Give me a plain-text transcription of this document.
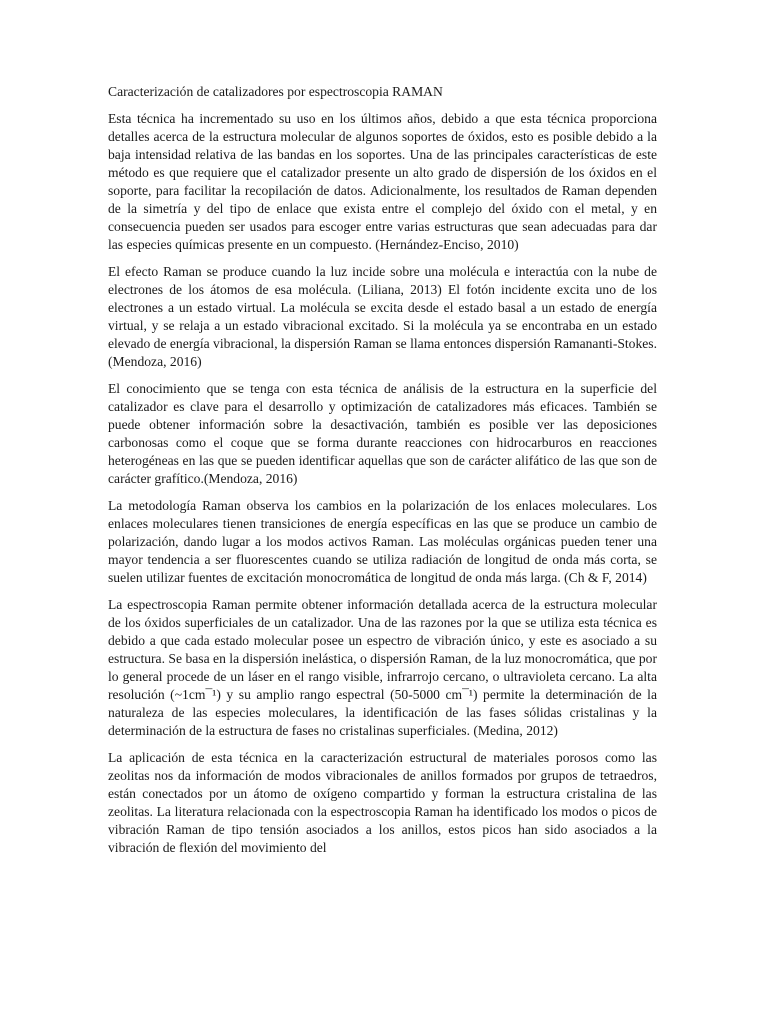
Caracterización de catalizadores por espectroscopia RAMAN

Esta técnica ha incrementado su uso en los últimos años, debido a que esta técnica proporciona detalles acerca de la estructura molecular de algunos soportes de óxidos, esto es posible debido a la baja intensidad relativa de las bandas en los soportes. Una de las principales características de este método es que requiere que el catalizador presente un alto grado de dispersión de los óxidos en el soporte, para facilitar la recopilación de datos. Adicionalmente, los resultados de Raman dependen de la simetría y del tipo de enlace que exista entre el complejo del óxido con el metal, y en consecuencia pueden ser usados para escoger entre varias estructuras que sean adecuadas para dar las especies químicas presente en un compuesto. (Hernández-Enciso, 2010)

El efecto Raman se produce cuando la luz incide sobre una molécula e interactúa con la nube de electrones de los átomos de esa molécula. (Liliana, 2013) El fotón incidente excita uno de los electrones a un estado virtual. La molécula se excita desde el estado basal a un estado de energía virtual, y se relaja a un estado vibracional excitado. Si la molécula ya se encontraba en un estado elevado de energía vibracional, la dispersión Raman se llama entonces dispersión Ramananti-Stokes. (Mendoza, 2016)

El conocimiento que se tenga con esta técnica de análisis de la estructura en la superficie del catalizador es clave para el desarrollo y optimización de catalizadores más eficaces. También se puede obtener información sobre la desactivación, también es posible ver las deposiciones carbonosas como el coque que se forma durante reacciones con hidrocarburos en reacciones heterogéneas en las que se pueden identificar aquellas que son de carácter alifático de las que son de carácter grafítico.(Mendoza, 2016)

La metodología Raman observa los cambios en la polarización de los enlaces moleculares. Los enlaces moleculares tienen transiciones de energía específicas en las que se produce un cambio de polarización, dando lugar a los modos activos Raman. Las moléculas orgánicas pueden tener una mayor tendencia a ser fluorescentes cuando se utiliza radiación de longitud de onda más corta, se suelen utilizar fuentes de excitación monocromática de longitud de onda más larga. (Ch & F, 2014)

La espectroscopia Raman permite obtener información detallada acerca de la estructura molecular de los óxidos superficiales de un catalizador. Una de las razones por la que se utiliza esta técnica es debido a que cada estado molecular posee un espectro de vibración único, y este es asociado a su estructura. Se basa en la dispersión inelástica, o dispersión Raman, de la luz monocromática, que por lo general procede de un láser en el rango visible, infrarrojo cercano, o ultravioleta cercano. La alta resolución (~1cm¯¹) y su amplio rango espectral (50-5000 cm¯¹) permite la determinación de la naturaleza de las especies moleculares, la identificación de las fases sólidas cristalinas y la determinación de la estructura de fases no cristalinas superficiales. (Medina, 2012)

La aplicación de esta técnica en la caracterización estructural de materiales porosos como las zeolitas nos da información de modos vibracionales de anillos formados por grupos de tetraedros, están conectados por un átomo de oxígeno compartido y forman la estructura cristalina de las zeolitas. La literatura relacionada con la espectroscopia Raman ha identificado los modos o picos de vibración Raman de tipo tensión asociados a los anillos, estos picos han sido asociados a la vibración de flexión del movimiento del
